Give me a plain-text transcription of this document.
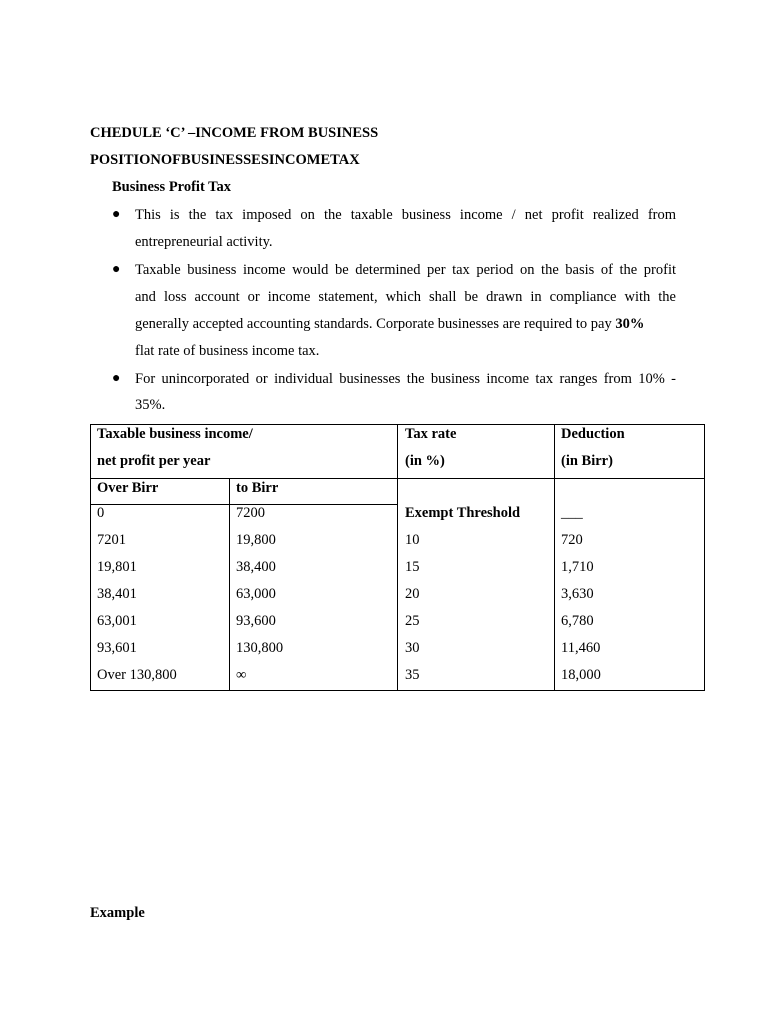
CHEDULE ‘C’ –INCOME FROM BUSINESS
POSITIONOFBUSINESSESINCOMETAX
Business Profit Tax
● This is the tax imposed on the taxable business income / net profit realized from
entrepreneurial activity.
● Taxable business income would be determined per tax period on the basis of the profit
and loss account or income statement, which shall be drawn in compliance with the
generally accepted accounting standards. Corporate businesses are required to pay 30%
flat rate of business income tax.
● For unincorporated or individual businesses the business income tax ranges from 10% -
35%.
Taxable business income/
net profit per year
Tax rate
(in %)
Deduction
(in Birr)
Over Birr	to Birr
0	7200	Exempt Threshold	___
7201	19,800	10	720
19,801	38,400	15	1,710
38,401	63,000	20	3,630
63,001	93,600	25	6,780
93,601	130,800	30	11,460
Over 130,800	∞	35	18,000
Example
